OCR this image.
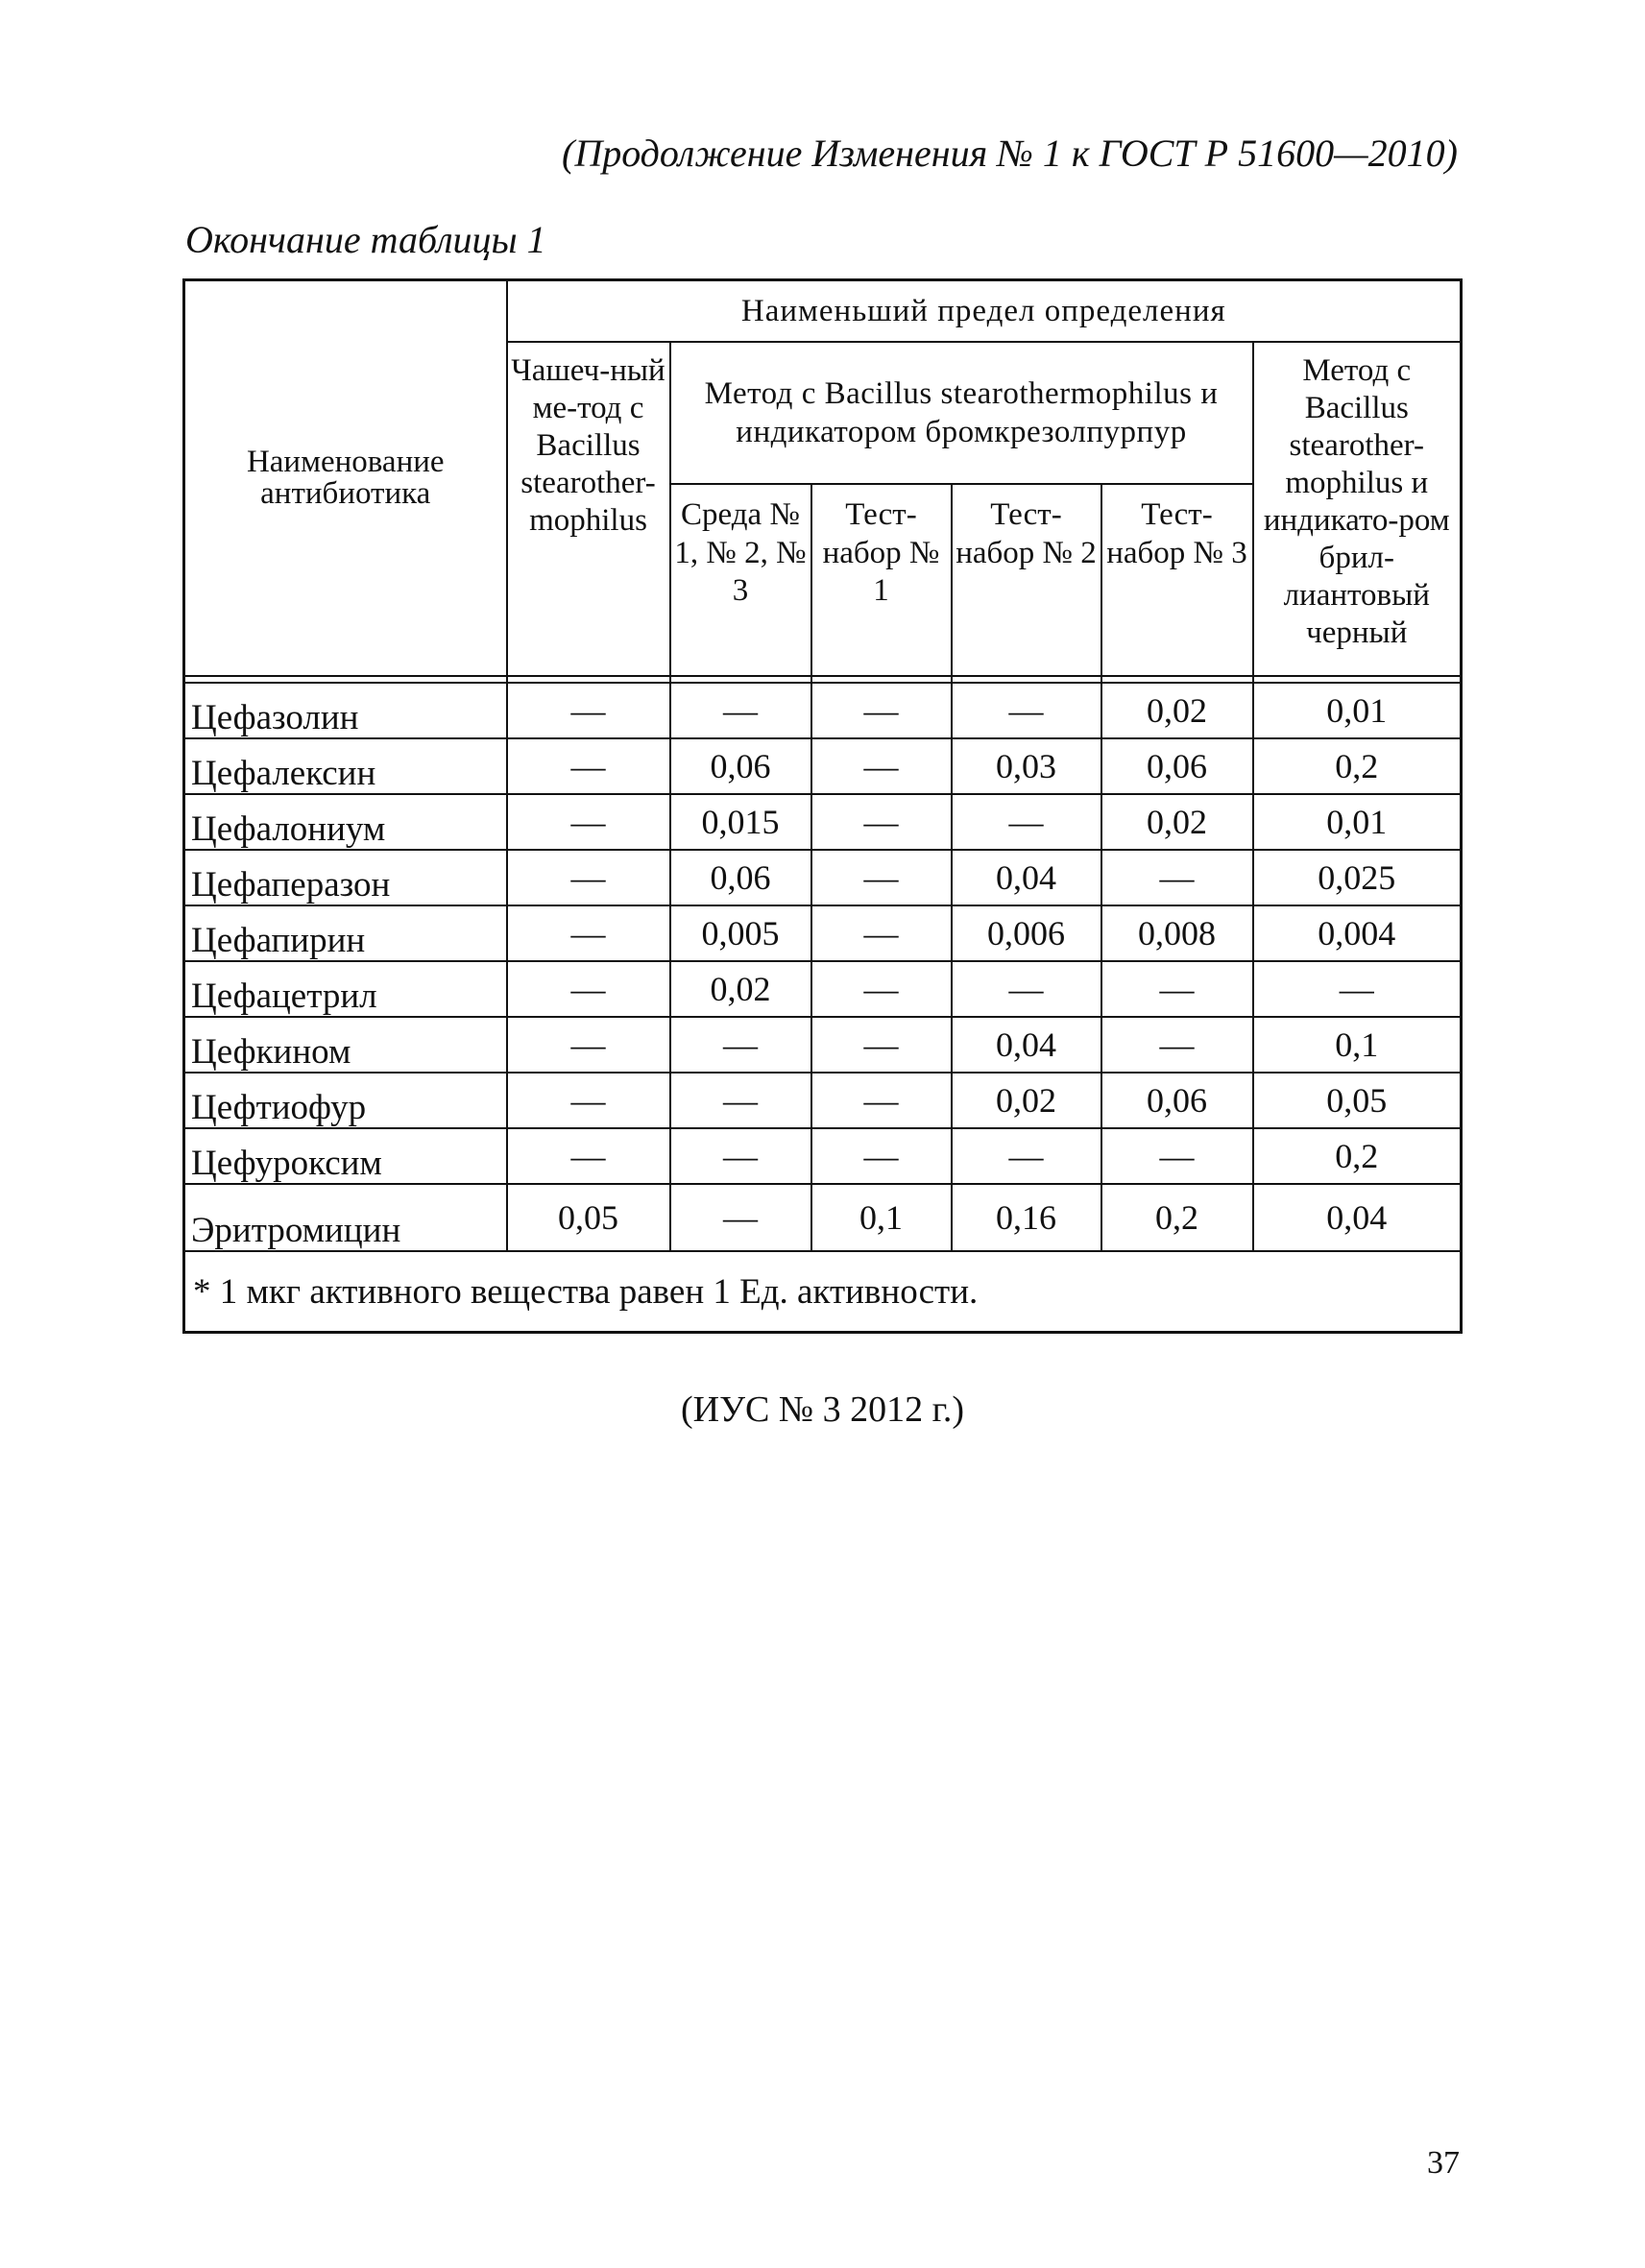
(Продолжение Изменения № 1 к ГОСТ Р 51600—2010)
Окончание таблицы 1
Наименование антибиотика	Наименьший предел определения					
	Чашеч-ный ме-тод с Bacillus stearother-mophilus	Метод с Bacillus stearothermophilus и индикатором бромкрезолпурпур				Метод с Bacillus stearother-mophilus и индикато-ром брил-лиантовый черный
		Среда № 1, № 2, № 3	Тест-набор № 1	Тест-набор № 2	Тест-набор № 3	

Цефазолин	—	—	—	—	0,02	0,01
Цефалексин	—	0,06	—	0,03	0,06	0,2
Цефалониум	—	0,015	—	—	0,02	0,01
Цефаперазон	—	0,06	—	0,04	—	0,025
Цефапирин	—	0,005	—	0,006	0,008	0,004
Цефацетрил	—	0,02	—	—	—	—
Цефкином	—	—	—	0,04	—	0,1
Цефтиофур	—	—	—	0,02	0,06	0,05
Цефуроксим	—	—	—	—	—	0,2
Эритромицин	0,05	—	0,1	0,16	0,2	0,04
* 1 мкг активного вещества равен 1 Ед. активности.						
(ИУС № 3 2012 г.)
37
